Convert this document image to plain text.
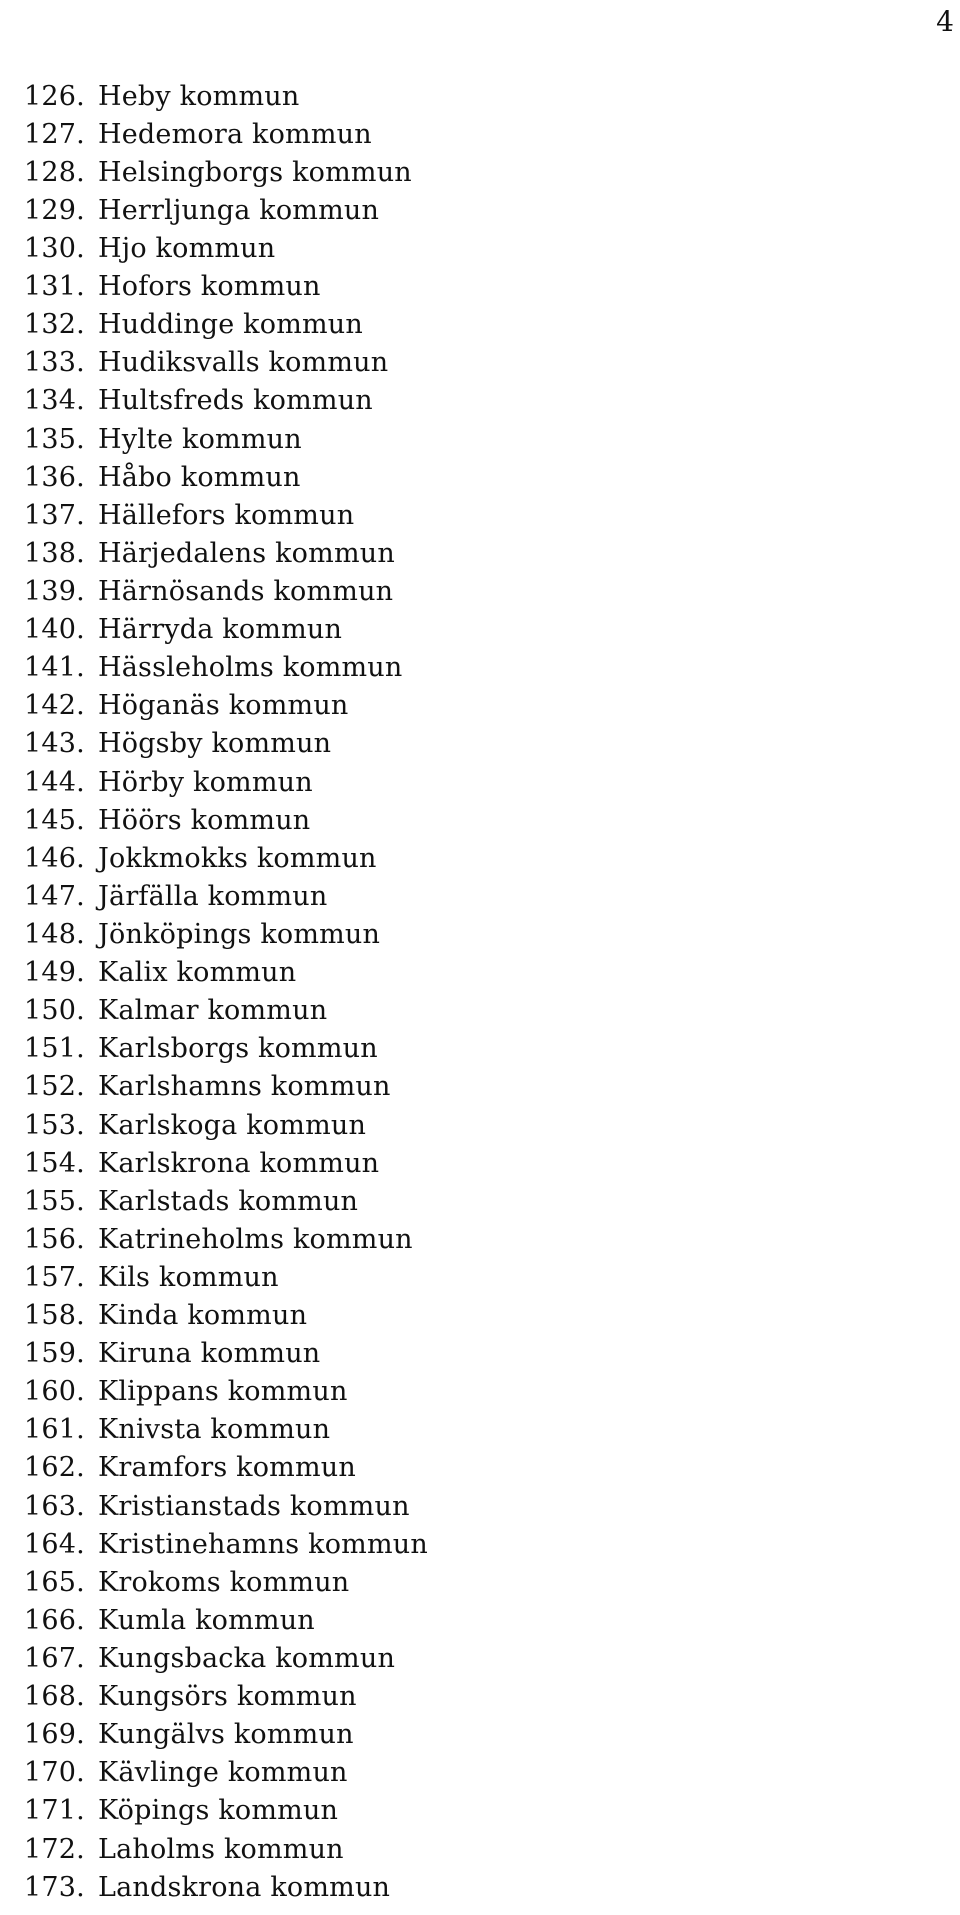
4
126. Heby kommun
127. Hedemora kommun
128. Helsingborgs kommun
129. Herrljunga kommun
130. Hjo kommun
131. Hofors kommun
132. Huddinge kommun
133. Hudiksvalls kommun
134. Hultsfreds kommun
135. Hylte kommun
136. Håbo kommun
137. Hällefors kommun
138. Härjedalens kommun
139. Härnösands kommun
140. Härryda kommun
141. Hässleholms kommun
142. Höganäs kommun
143. Högsby kommun
144. Hörby kommun
145. Höörs kommun
146. Jokkmokks kommun
147. Järfälla kommun
148. Jönköpings kommun
149. Kalix kommun
150. Kalmar kommun
151. Karlsborgs kommun
152. Karlshamns kommun
153. Karlskoga kommun
154. Karlskrona kommun
155. Karlstads kommun
156. Katrineholms kommun
157. Kils kommun
158. Kinda kommun
159. Kiruna kommun
160. Klippans kommun
161. Knivsta kommun
162. Kramfors kommun
163. Kristianstads kommun
164. Kristinehamns kommun
165. Krokoms kommun
166. Kumla kommun
167. Kungsbacka kommun
168. Kungsörs kommun
169. Kungälvs kommun
170. Kävlinge kommun
171. Köpings kommun
172. Laholms kommun
173. Landskrona kommun
